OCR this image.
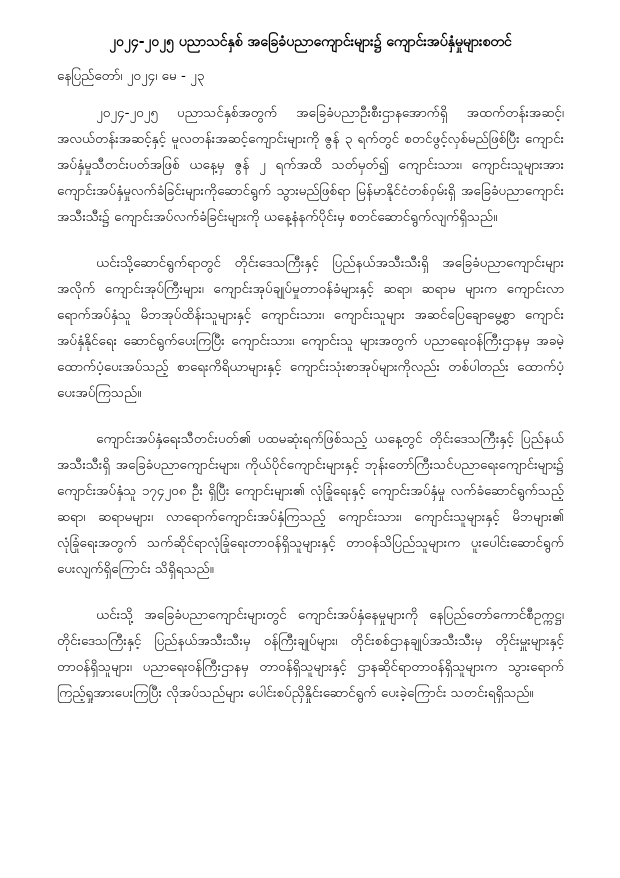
၂၀၂၄-၂၀၂၅ ပညာသင်နှစ် အခြေခံပညာကျောင်းများ၌ ကျောင်းအပ်နှံမှုများစတင်
နေပြည်တော်၊ ၂၀၂၄၊ မေ - ၂၃

၂၀၂၄-၂၀၂၅ ပညာသင်နှစ်အတွက် အခြေခံပညာဦးစီးဌာနအောက်ရှိ အထက်တန်းအဆင့်၊ အလယ်တန်းအဆင့်နှင့် မူလတန်းအဆင့်ကျောင်းများကို ဇွန် ၃ ရက်တွင် စတင်ဖွင့်လှစ်မည်ဖြစ်ပြီး ကျောင်းအပ်နှံမှုသီတင်းပတ်အဖြစ် ယနေ့မှ ဇွန် ၂ ရက်အထိ သတ်မှတ်၍ ကျောင်းသား၊ ကျောင်းသူများအား ကျောင်းအပ်နှံမှုလက်ခံခြင်းများကိုဆောင်ရွက် သွားမည်ဖြစ်ရာ မြန်မာနိုင်ငံတစ်ဝှမ်းရှိ အခြေခံပညာကျောင်းအသီးသီး၌ ကျောင်းအပ်လက်ခံခြင်းများကို ယနေ့နံနက်ပိုင်းမှ စတင်ဆောင်ရွက်လျက်ရှိသည်။

ယင်းသို့ဆောင်ရွက်ရာတွင် တိုင်းဒေသကြီးနှင့် ပြည်နယ်အသီးသီးရှိ အခြေခံပညာကျောင်းများအလိုက် ကျောင်းအုပ်ကြီးများ၊ ကျောင်းအုပ်ချုပ်မှုတာဝန်ခံများနှင့် ဆရာ၊ ဆရာမ များက ကျောင်းလာရောက်အပ်နှံသူ မိဘအုပ်ထိန်းသူများနှင့် ကျောင်းသား၊ ကျောင်းသူများ အဆင်ပြေချောမွေ့စွာ ကျောင်းအပ်နှံနိုင်ရေး ဆောင်ရွက်ပေးကြပြီး ကျောင်းသား၊ ကျောင်းသူ များအတွက် ပညာရေးဝန်ကြီးဌာနမှ အခမဲ့ထောက်ပံ့ပေးအပ်သည့် စာရေးကိရိယာများနှင့် ကျောင်းသုံးစာအုပ်များကိုလည်း တစ်ပါတည်း ထောက်ပံ့ပေးအပ်ကြသည်။

ကျောင်းအပ်နှံရေးသီတင်းပတ်၏ ပထမဆုံးရက်ဖြစ်သည့် ယနေ့တွင် တိုင်းဒေသကြီးနှင့် ပြည်နယ်အသီးသီးရှိ အခြေခံပညာကျောင်းများ၊ ကိုယ်ပိုင်ကျောင်းများနှင့် ဘုန်းတော်ကြီးသင်ပညာရေးကျောင်းများ၌ ကျောင်းအပ်နှံသူ ၁၇၄၂၀၈ ဦး ရှိပြီး ကျောင်းများ၏ လုံခြုံရေးနှင့် ကျောင်းအပ်နှံမှု လက်ခံဆောင်ရွက်သည့် ဆရာ၊ ဆရာမများ၊ လာရောက်ကျောင်းအပ်နှံကြသည့် ကျောင်းသား၊ ကျောင်းသူများနှင့် မိဘများ၏ လုံခြုံရေးအတွက် သက်ဆိုင်ရာလုံခြုံရေးတာဝန်ရှိသူများနှင့် တာဝန်သိပြည်သူများက ပူးပေါင်းဆောင်ရွက်ပေးလျက်ရှိကြောင်း သိရှိရသည်။

ယင်းသို့ အခြေခံပညာကျောင်းများတွင် ကျောင်းအပ်နှံနေမှုများကို နေပြည်တော်ကောင်စီဥက္ကဋ္ဌ၊ တိုင်းဒေသကြီးနှင့် ပြည်နယ်အသီးသီးမှ ဝန်ကြီးချုပ်များ၊ တိုင်းစစ်ဌာနချုပ်အသီးသီးမှ တိုင်းမှူးများနှင့် တာဝန်ရှိသူများ၊ ပညာရေးဝန်ကြီးဌာနမှ တာဝန်ရှိသူများနှင့် ဌာနဆိုင်ရာတာဝန်ရှိသူများက သွားရောက်ကြည့်ရှုအားပေးကြပြီး လိုအပ်သည်များ ပေါင်းစပ်ညှိနှိုင်းဆောင်ရွက် ပေးခဲ့ကြောင်း သတင်းရရှိသည်။
